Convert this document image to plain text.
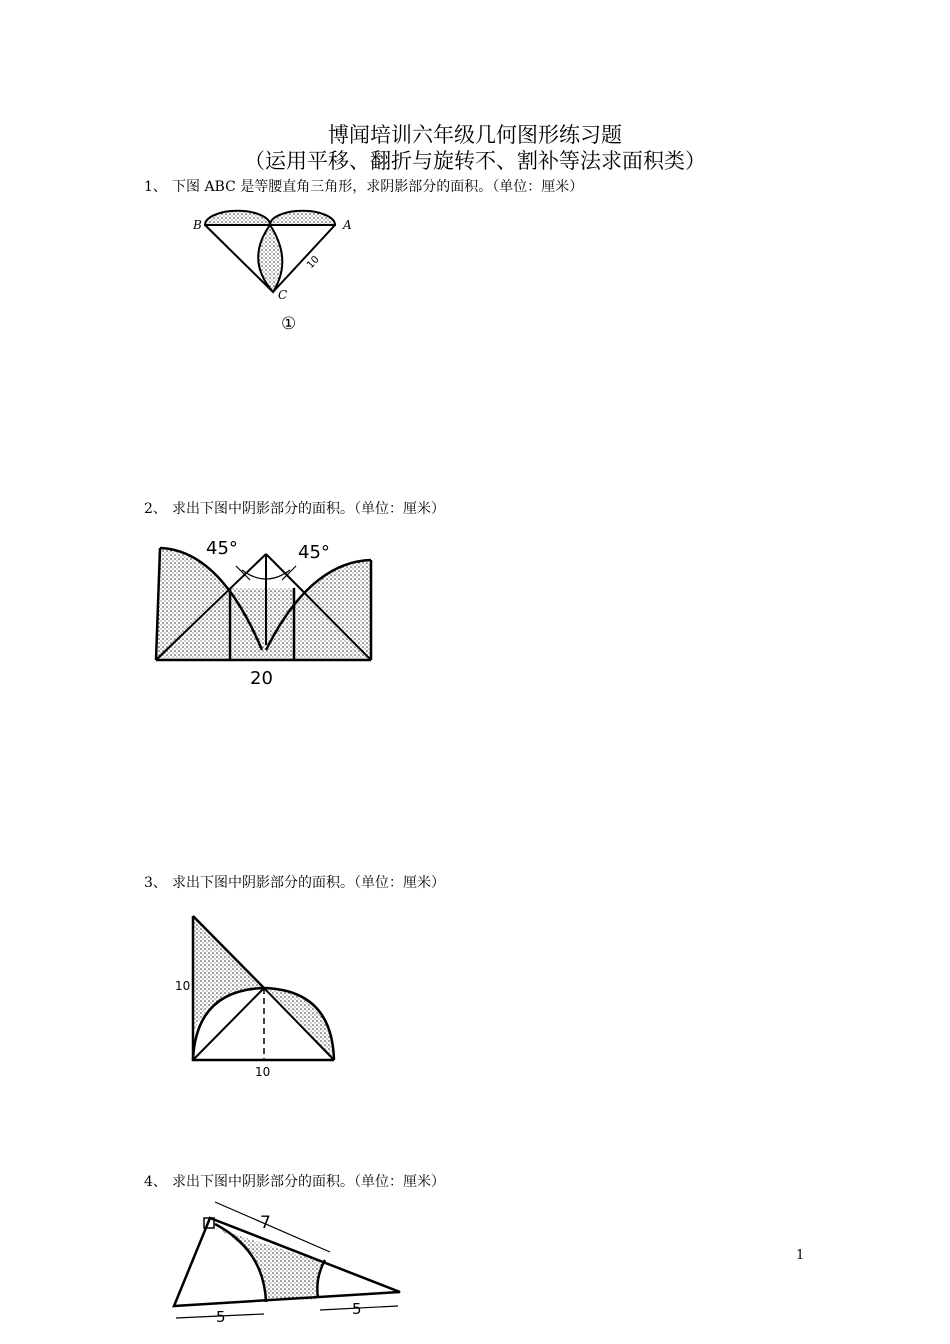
博闻培训六年级几何图形练习题
（运用平移、翻折与旋转不、割补等法求面积类）
1、 下图 ABC 是等腰直角三角形，求阴影部分的面积。（单位：厘米）
B	A
C
10
①
2、 求出下图中阴影部分的面积。（单位：厘米）
45°	45°
20
3、 求出下图中阴影部分的面积。（单位：厘米）
10
10
4、 求出下图中阴影部分的面积。（单位：厘米）
7
5	5
1
